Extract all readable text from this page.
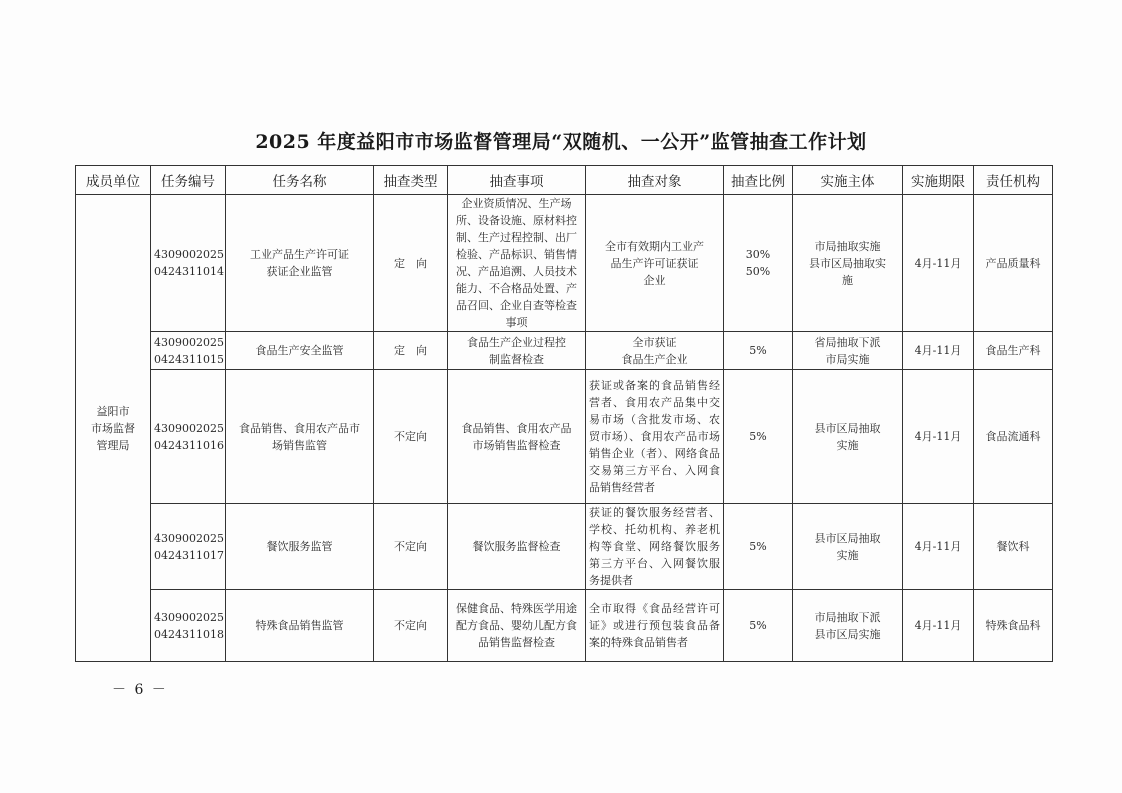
2025 年度益阳市市场监督管理局“双随机、一公开”监管抽查工作计划
成员单位	任务编号	任务名称	抽查类型	抽查事项	抽查对象	抽查比例	实施主体	实施期限	责任机构
益阳市
市场监督
管理局	4309002025
0424311014	工业产品生产许可证
获证企业监管	定　向	企业资质情况、生产场所、设备设施、原材料控制、生产过程控制、出厂检验、产品标识、销售情况、产品追溯、人员技术能力、不合格品处置、产品召回、企业自查等检查事项	全市有效期内工业产
品生产许可证获证
企业	30%
50%	市局抽取实施
县市区局抽取实
施	4月-11月	产品质量科
	4309002025
0424311015	食品生产安全监管	定　向	食品生产企业过程控
制监督检查	全市获证
食品生产企业	5%	省局抽取下派
市局实施	4月-11月	食品生产科
	4309002025
0424311016	食品销售、食用农产品市
场销售监管	不定向	食品销售、食用农产品
市场销售监督检查	获证或备案的食品销售经营者、食用农产品集中交易市场（含批发市场、农贸市场）、食用农产品市场销售企业（者）、网络食品交易第三方平台、入网食品销售经营者	5%	县市区局抽取
实施	4月-11月	食品流通科
	4309002025
0424311017	餐饮服务监管	不定向	餐饮服务监督检查	获证的餐饮服务经营者、学校、托幼机构、养老机构等食堂、网络餐饮服务第三方平台、入网餐饮服务提供者	5%	县市区局抽取
实施	4月-11月	餐饮科
	4309002025
0424311018	特殊食品销售监管	不定向	保健食品、特殊医学用途配方食品、婴幼儿配方食品销售监督检查	全市取得《食品经营许可证》或进行预包装食品备案的特殊食品销售者	5%	市局抽取下派
县市区局实施	4月-11月	特殊食品科
－ 6 －
